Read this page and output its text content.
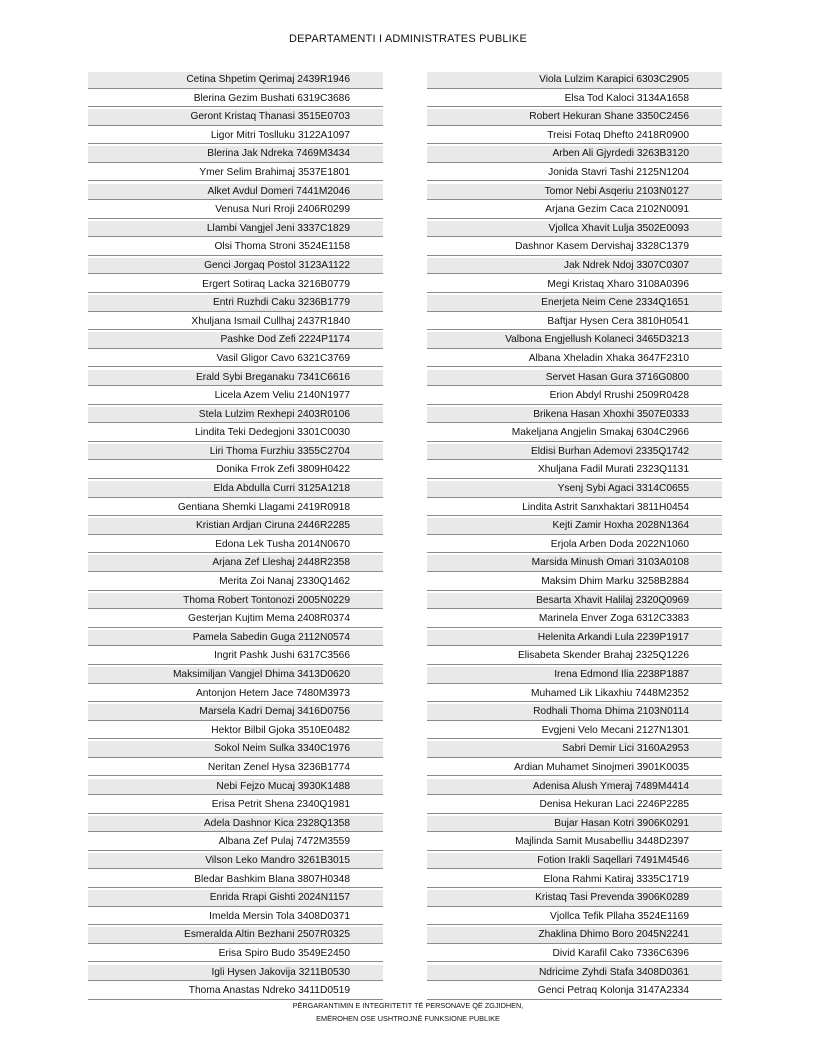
DEPARTAMENTI I ADMINISTRATES PUBLIKE
Cetina Shpetim Qerimaj 2439R1946
Blerina Gezim Bushati 6319C3686
Geront Kristaq Thanasi 3515E0703
Ligor Mitri Toslluku 3122A1097
Blerina Jak Ndreka 7469M3434
Ymer Selim Brahimaj 3537E1801
Alket Avdul Domeri 7441M2046
Venusa Nuri Rroji 2406R0299
Llambi Vangjel Jeni 3337C1829
Olsi Thoma Stroni 3524E1158
Genci Jorgaq Postol 3123A1122
Ergert Sotiraq Lacka 3216B0779
Entri Ruzhdi Caku 3236B1779
Xhuljana Ismail Cullhaj 2437R1840
Pashke Dod Zefi 2224P1174
Vasil Gligor Cavo 6321C3769
Erald Sybi Breganaku 7341C6616
Licela Azem Veliu 2140N1977
Stela Lulzim Rexhepi 2403R0106
Lindita Teki Dedegjoni 3301C0030
Liri Thoma Furzhiu 3355C2704
Donika Frrok Zefi 3809H0422
Elda Abdulla Curri 3125A1218
Gentiana Shemki Llagami 2419R0918
Kristian Ardjan Ciruna 2446R2285
Edona Lek Tusha 2014N0670
Arjana Zef Lleshaj 2448R2358
Merita Zoi Nanaj 2330Q1462
Thoma Robert Tontonozi 2005N0229
Gesterjan Kujtim Mema 2408R0374
Pamela Sabedin Guga 2112N0574
Ingrit Pashk Jushi 6317C3566
Maksimiljan Vangjel Dhima 3413D0620
Antonjon Hetem Jace 7480M3973
Marsela Kadri Demaj 3416D0756
Hektor Bilbil Gjoka 3510E0482
Sokol Neim Sulka 3340C1976
Neritan Zenel Hysa 3236B1774
Nebi Fejzo Mucaj 3930K1488
Erisa Petrit Shena 2340Q1981
Adela Dashnor Kica 2328Q1358
Albana Zef Pulaj 7472M3559
Vilson Leko Mandro 3261B3015
Bledar Bashkim Blana 3807H0348
Enrida Rrapi Gishti 2024N1157
Imelda Mersin Tola 3408D0371
Esmeralda Altin Bezhani 2507R0325
Erisa Spiro Budo 3549E2450
Igli Hysen Jakovija 3211B0530
Thoma Anastas Ndreko 3411D0519
Viola Lulzim Karapici 6303C2905
Elsa Tod Kaloci 3134A1658
Robert Hekuran Shane 3350C2456
Treisi Fotaq Dhefto 2418R0900
Arben Ali Gjyrdedi 3263B3120
Jonida Stavri Tashi 2125N1204
Tomor Nebi Asqeriu 2103N0127
Arjana Gezim Caca 2102N0091
Vjollca Xhavit Lulja 3502E0093
Dashnor Kasem Dervishaj 3328C1379
Jak Ndrek Ndoj 3307C0307
Megi Kristaq Xharo 3108A0396
Enerjeta Neim Cene 2334Q1651
Baftjar Hysen Cera 3810H0541
Valbona Engjellush Kolaneci 3465D3213
Albana Xheladin Xhaka 3647F2310
Servet Hasan Gura 3716G0800
Erion Abdyl Rrushi 2509R0428
Brikena Hasan Xhoxhi 3507E0333
Makeljana Angjelin Smakaj 6304C2966
Eldisi Burhan Ademovi 2335Q1742
Xhuljana Fadil Murati 2323Q1131
Ysenj Sybi Agaci 3314C0655
Lindita Astrit Sanxhaktari 3811H0454
Kejti Zamir Hoxha 2028N1364
Erjola Arben Doda 2022N1060
Marsida Minush Omari 3103A0108
Maksim Dhim Marku 3258B2884
Besarta Xhavit Halilaj 2320Q0969
Marinela Enver Zoga 6312C3383
Helenita Arkandi Lula 2239P1917
Elisabeta Skender Brahaj 2325Q1226
Irena Edmond Ilia 2238P1887
Muhamed Lik Likaxhiu 7448M2352
Rodhali Thoma Dhima 2103N0114
Evgjeni Velo Mecani 2127N1301
Sabri Demir Lici 3160A2953
Ardian Muhamet Sinojmeri 3901K0035
Adenisa Alush Ymeraj 7489M4414
Denisa Hekuran Laci 2246P2285
Bujar Hasan Kotri 3906K0291
Majlinda Samit Musabelliu 3448D2397
Fotion Irakli Saqellari 7491M4546
Elona Rahmi Katiraj 3335C1719
Kristaq Tasi Prevenda 3906K0289
Vjollca Tefik Pllaha 3524E1169
Zhaklina Dhimo Boro 2045N2241
Divid Karafil Cako 7336C6396
Ndricime Zyhdi Stafa 3408D0361
Genci Petraq Kolonja 3147A2334
PËRGARANTIMIN E INTEGRITETIT TË PERSONAVE QË ZGJIDHEN,
EMËROHEN OSE USHTROJNË FUNKSIONE PUBLIKE
